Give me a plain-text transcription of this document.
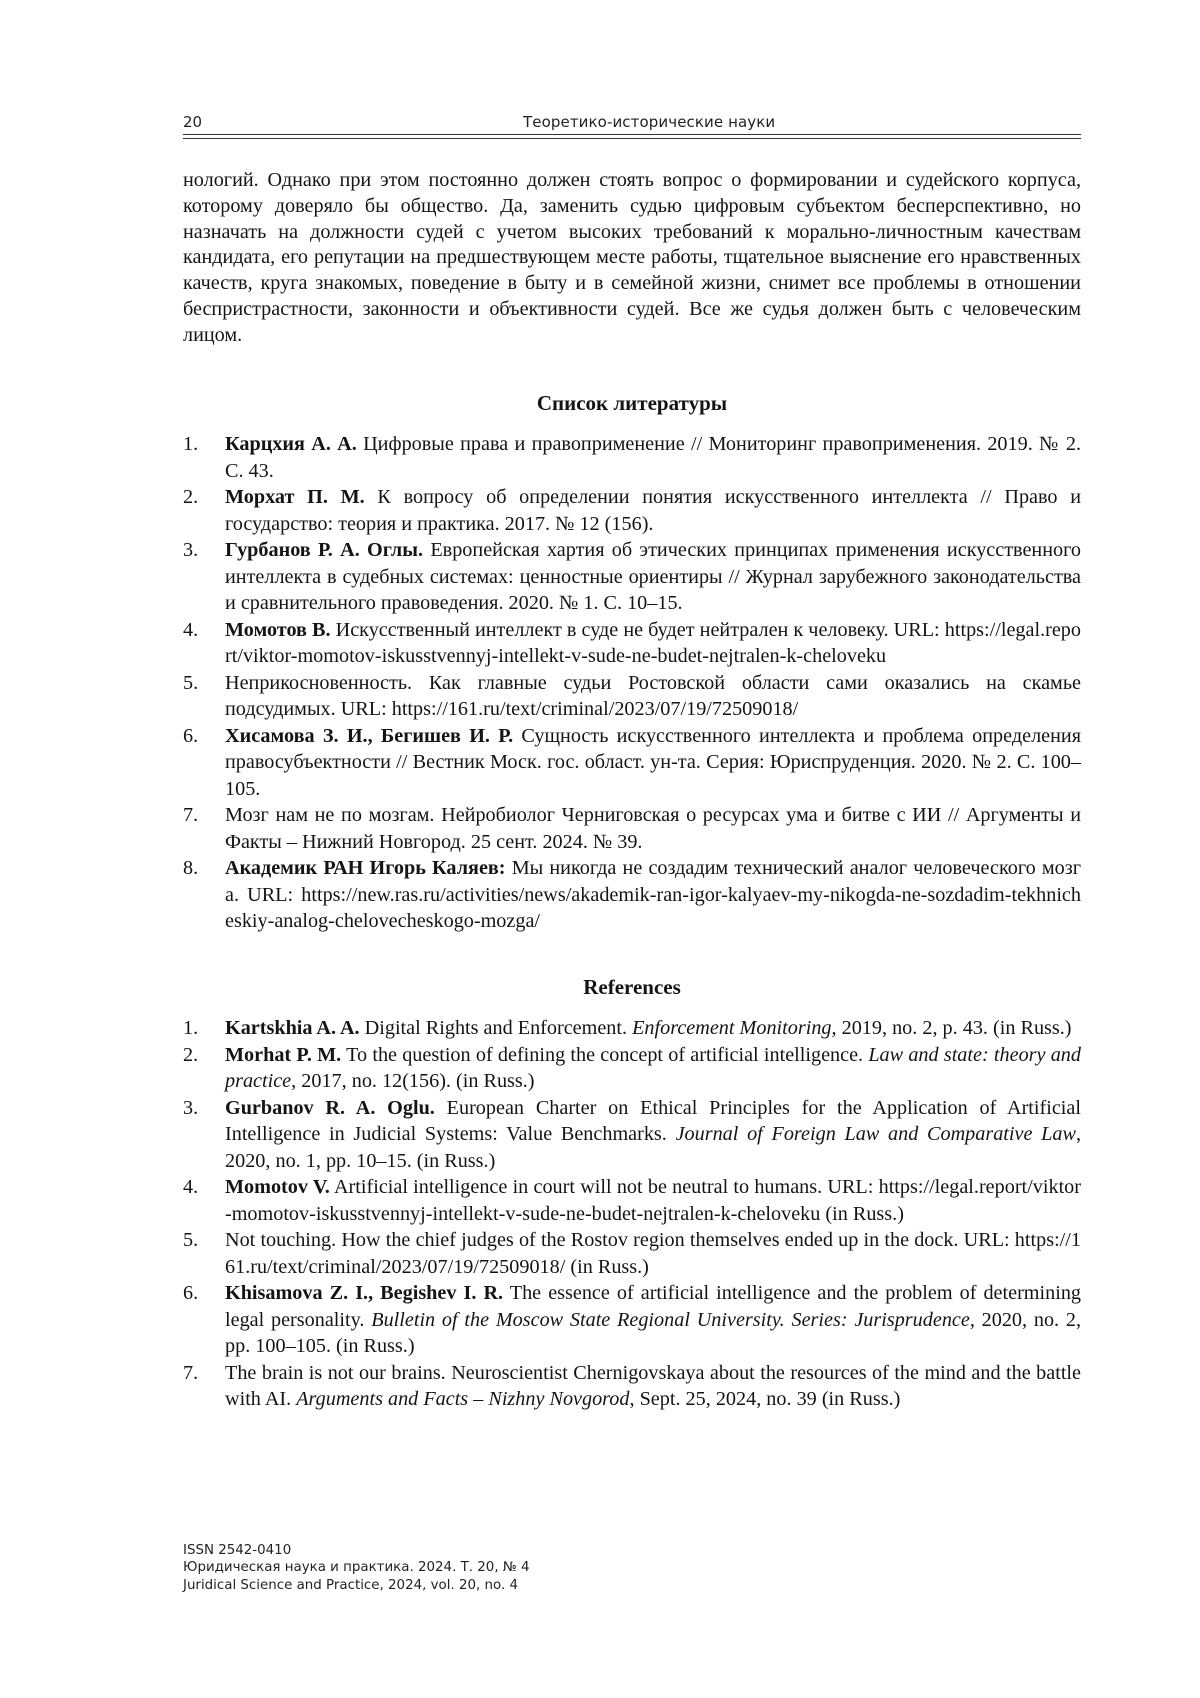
20	Теоретико-исторические науки

нологий. Однако при этом постоянно должен стоять вопрос о формировании и судейского корпуса, которому доверяло бы общество. Да, заменить судью цифровым субъектом бесперспективно, но назначать на должности судей с учетом высоких требований к морально-личностным качествам кандидата, его репутации на предшествующем месте работы, тщательное выяснение его нравственных качеств, круга знакомых, поведение в быту и в семейной жизни, снимет все проблемы в отношении беспристрастности, законности и объективности судей. Все же судья должен быть с человеческим лицом.

Список литературы
1. Карцхия А. А. Цифровые права и правоприменение // Мониторинг правоприменения. 2019. № 2. С. 43.
2. Морхат П. М. К вопросу об определении понятия искусственного интеллекта // Право и государство: теория и практика. 2017. № 12 (156).
3. Гурбанов Р. А. Оглы. Европейская хартия об этических принципах применения искусственного интеллекта в судебных системах: ценностные ориентиры // Журнал зарубежного законодательства и сравнительного правоведения. 2020. № 1. С. 10–15.
4. Момотов В. Искусственный интеллект в суде не будет нейтрален к человеку. URL: https://legal.report/viktor-momotov-iskusstvennyj-intellekt-v-sude-ne-budet-nejtralen-k-cheloveku
5. Неприкосновенность. Как главные судьи Ростовской области сами оказались на скамье подсудимых. URL: https://161.ru/text/criminal/2023/07/19/72509018/
6. Хисамова З. И., Бегишев И. Р. Сущность искусственного интеллекта и проблема определения правосубъектности // Вестник Моск. гос. област. ун-та. Серия: Юриспруденция. 2020. № 2. С. 100–105.
7. Мозг нам не по мозгам. Нейробиолог Черниговская о ресурсах ума и битве с ИИ // Аргументы и Факты – Нижний Новгород. 25 сент. 2024. № 39.
8. Академик РАН Игорь Каляев: Мы никогда не создадим технический аналог человеческого мозга. URL: https://new.ras.ru/activities/news/akademik-ran-igor-kalyaev-my-nikogda-ne-sozdadim-tekhnicheskiy-analog-chelovecheskogo-mozga/
References
1. Kartskhia A. A. Digital Rights and Enforcement. Enforcement Monitoring, 2019, no. 2, p. 43. (in Russ.)
2. Morhat P. M. To the question of defining the concept of artificial intelligence. Law and state: theory and practice, 2017, no. 12(156). (in Russ.)
3. Gurbanov R. A. Oglu. European Charter on Ethical Principles for the Application of Artificial Intelligence in Judicial Systems: Value Benchmarks. Journal of Foreign Law and Comparative Law, 2020, no. 1, pp. 10–15. (in Russ.)
4. Momotov V. Artificial intelligence in court will not be neutral to humans. URL: https://legal.report/viktor-momotov-iskusstvennyj-intellekt-v-sude-ne-budet-nejtralen-k-cheloveku (in Russ.)
5. Not touching. How the chief judges of the Rostov region themselves ended up in the dock. URL: https://161.ru/text/criminal/2023/07/19/72509018/ (in Russ.)
6. Khisamova Z. I., Begishev I. R. The essence of artificial intelligence and the problem of determining legal personality. Bulletin of the Moscow State Regional University. Series: Jurisprudence, 2020, no. 2, pp. 100–105. (in Russ.)
7. The brain is not our brains. Neuroscientist Chernigovskaya about the resources of the mind and the battle with AI. Arguments and Facts – Nizhny Novgorod, Sept. 25, 2024, no. 39 (in Russ.)
ISSN 2542-0410
Юридическая наука и практика. 2024. Т. 20, № 4
Juridical Science and Practice, 2024, vol. 20, no. 4
